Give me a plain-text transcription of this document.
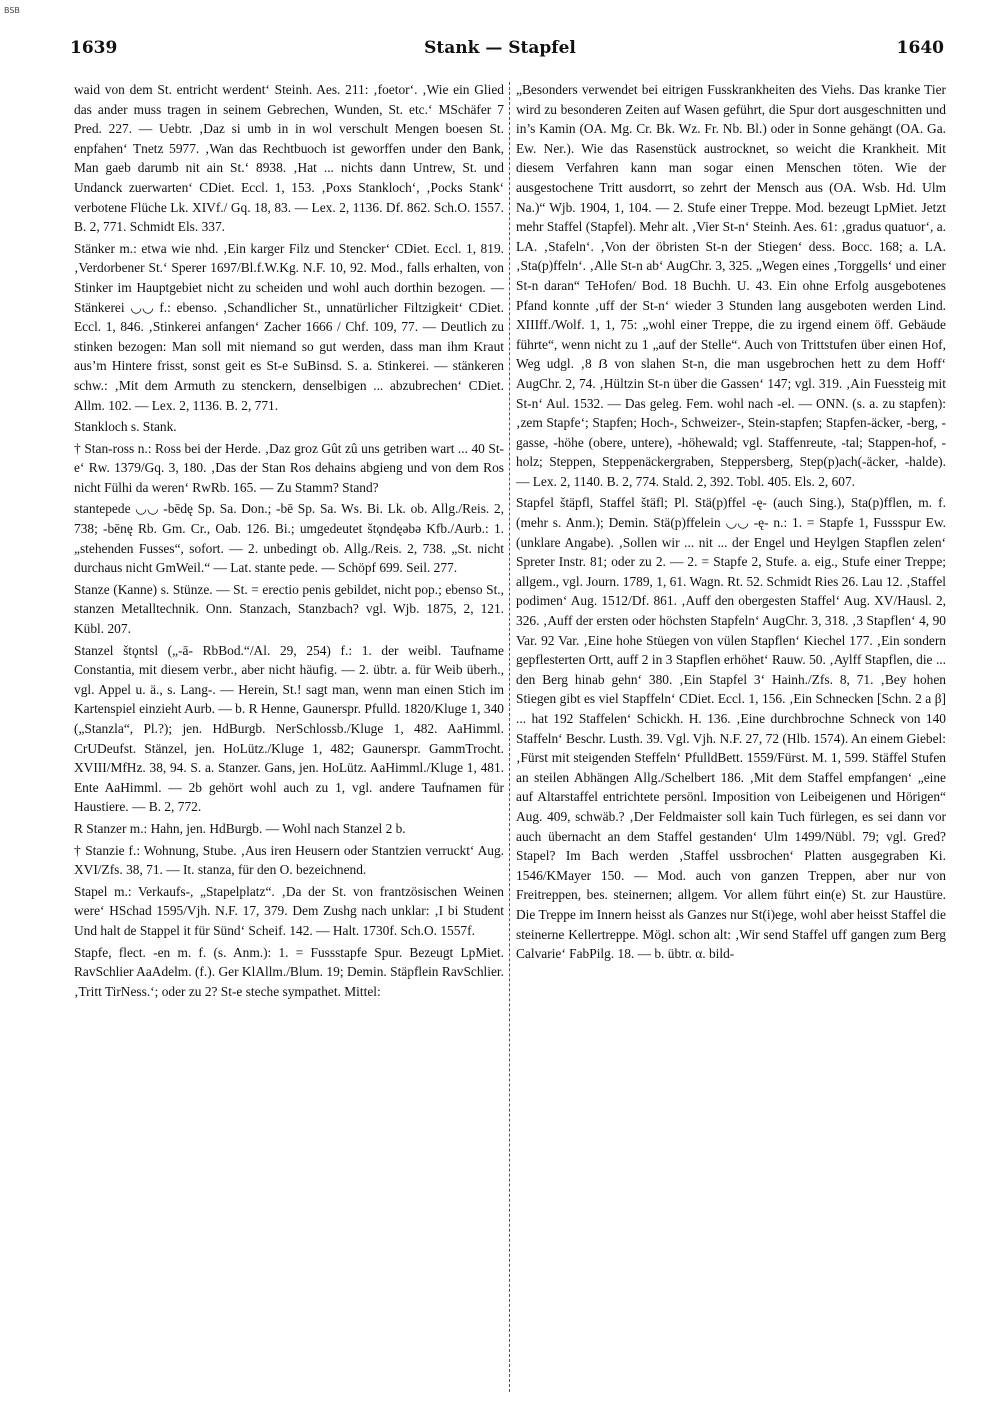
BSB
1639	Stank — Stapfel	1640

waid von dem St. entricht werdent‘ Steinh. Aes. 211: ‚foetor‘. ‚Wie ein Glied das ander muss tragen in seinem Gebrechen, Wunden, St. etc.‘ MSchäfer 7 Pred. 227. — Uebtr. ‚Daz si umb in in wol verschult Mengen boesen St. enpfahen‘ Tnetz 5977. ‚Wan das Rechtbuoch ist geworffen under den Bank, Man gaeb darumb nit ain St.‘ 8938. ‚Hat ... nichts dann Untrew, St. und Undanck zuerwarten‘ CDiet. Eccl. 1, 153. ‚Poxs Stankloch‘, ‚Pocks Stank‘ verbotene Flüche Lk. XIVf./ Gq. 18, 83. — Lex. 2, 1136. Df. 862. Sch.O. 1557. B. 2, 771. Schmidt Els. 337.

Stänker m.: etwa wie nhd. ‚Ein karger Filz und Stencker‘ CDiet. Eccl. 1, 819. ‚Verdorbener St.‘ Sperer 1697/Bl.f.W.Kg. N.F. 10, 92. Mod., falls erhalten, von Stinker im Hauptgebiet nicht zu scheiden und wohl auch dorthin bezogen. — Stänkerei ◡◡ f.: ebenso. ‚Schandlicher St., unnatürlicher Filtzigkeit‘ CDiet. Eccl. 1, 846. ‚Stinkerei anfangen‘ Zacher 1666 / Chf. 109, 77. — Deutlich zu stinken bezogen: Man soll mit niemand so gut werden, dass man ihm Kraut aus’m Hintere frisst, sonst geit es St-e SuBinsd. S. a. Stinkerei. — stänkeren schw.: ‚Mit dem Armuth zu stenckern, denselbigen ... abzubrechen‘ CDiet. Allm. 102. — Lex. 2, 1136. B. 2, 771.

Stankloch s. Stank.

† Stan-ross n.: Ross bei der Herde. ‚Daz groz Gût zû uns getriben wart ... 40 St-e‘ Rw. 1379/Gq. 3, 180. ‚Das der Stan Ros dehains abgieng und von dem Ros nicht Fülhi da weren‘ RwRb. 165. — Zu Stamm? Stand?

stantepede ◡◡ -bēdę Sp. Sa. Don.; -bē Sp. Sa. Ws. Bi. Lk. ob. Allg./Reis. 2, 738; -bēnę Rb. Gm. Cr., Oab. 126. Bi.; umgedeutet štǫndęǝbǝ Kfb./Aurb.: 1. „stehenden Fusses“, sofort. — 2. unbedingt ob. Allg./Reis. 2, 738. „St. nicht durchaus nicht GmWeil.“ — Lat. stante pede. — Schöpf 699. Seil. 277.

Stanze (Kanne) s. Stünze. — St. = erectio penis gebildet, nicht pop.; ebenso St., stanzen Metalltechnik. Onn. Stanzach, Stanzbach? vgl. Wjb. 1875, 2, 121. Kübl. 207.

Stanzel štǫntsl („-ā- RbBod.“/Al. 29, 254) f.: 1. der weibl. Taufname Constantia, mit diesem verbr., aber nicht häufig. — 2. übtr. a. für Weib überh., vgl. Appel u. ä., s. Lang-. — Herein, St.! sagt man, wenn man einen Stich im Kartenspiel einzieht Aurb. — b. R Henne, Gaunerspr. Pfulld. 1820/Kluge 1, 340 („Stanzla“, Pl.?); jen. HdBurgb. NerSchlossb./Kluge 1, 482. AaHimml. CrUDeufst. Stänzel, jen. HoLütz./Kluge 1, 482; Gaunerspr. GammTrocht. XVIII/MfHz. 38, 94. S. a. Stanzer. Gans, jen. HoLütz. AaHimml./Kluge 1, 481. Ente AaHimml. — 2b gehört wohl auch zu 1, vgl. andere Taufnamen für Haustiere. — B. 2, 772.

R Stanzer m.: Hahn, jen. HdBurgb. — Wohl nach Stanzel 2 b.

† Stanzie f.: Wohnung, Stube. ‚Aus iren Heusern oder Stantzien verruckt‘ Aug. XVI/Zfs. 38, 71. — It. stanza, für den O. bezeichnend.

Stapel m.: Verkaufs-, „Stapelplatz“. ‚Da der St. von frantzösischen Weinen were‘ HSchad 1595/Vjh. N.F. 17, 379. Dem Zushg nach unklar: ‚I bi Student Und halt de Stappel it für Sünd‘ Scheif. 142. — Halt. 1730f. Sch.O. 1557f.

Stapfe, flect. -en m. f. (s. Anm.): 1. = Fussstapfe Spur. Bezeugt LpMiet. RavSchlier AaAdelm. (f.). Ger KlAllm./Blum. 19; Demin. Stäpflein RavSchlier. ‚Tritt TirNess.‘; oder zu 2? St-e steche sympathet. Mittel:

„Besonders verwendet bei eitrigen Fusskrankheiten des Viehs. Das kranke Tier wird zu besonderen Zeiten auf Wasen geführt, die Spur dort ausgeschnitten und in’s Kamin (OA. Mg. Cr. Bk. Wz. Fr. Nb. Bl.) oder in Sonne gehängt (OA. Ga. Ew. Ner.). Wie das Rasenstück austrocknet, so weicht die Krankheit. Mit diesem Verfahren kann man sogar einen Menschen töten. Wie der ausgestochene Tritt ausdorrt, so zehrt der Mensch aus (OA. Wsb. Hd. Ulm Na.)“ Wjb. 1904, 1, 104. — 2. Stufe einer Treppe. Mod. bezeugt LpMiet. Jetzt mehr Staffel (Stapfel). Mehr alt. ‚Vier St-n‘ Steinh. Aes. 61: ‚gradus quatuor‘, a. LA. ‚Stafeln‘. ‚Von der öbristen St-n der Stiegen‘ dess. Bocc. 168; a. LA. ‚Sta(p)ffeln‘. ‚Alle St-n ab‘ AugChr. 3, 325. „Wegen eines ‚Torggells‘ und einer St-n daran“ TeHofen/ Bod. 18 Buchh. U. 43. Ein ohne Erfolg ausgebotenes Pfand konnte ‚uff der St-n‘ wieder 3 Stunden lang ausgeboten werden Lind. XIIIff./Wolf. 1, 1, 75: „wohl einer Treppe, die zu irgend einem öff. Gebäude führte“, wenn nicht zu 1 „auf der Stelle“. Auch von Trittstufen über einen Hof, Weg udgl. ‚8 ẞ von slahen St-n, die man usgebrochen hett zu dem Hoff‘ AugChr. 2, 74. ‚Hültzin St-n über die Gassen‘ 147; vgl. 319. ‚Ain Fuessteig mit St-n‘ Aul. 1532. — Das geleg. Fem. wohl nach -el. — ONN. (s. a. zu stapfen): ‚zem Stapfe‘; Stapfen; Hoch-, Schweizer-, Stein-stapfen; Stapfen-äcker, -berg, -gasse, -höhe (obere, untere), -höhewald; vgl. Staffenreute, -tal; Stappen-hof, -holz; Steppen, Steppenäckergraben, Steppersberg, Step(p)ach(-äcker, -halde). — Lex. 2, 1140. B. 2, 774. Stald. 2, 392. Tobl. 405. Els. 2, 607.

Stapfel štäpfl, Staffel štäfl; Pl. Stä(p)ffel -ę- (auch Sing.), Sta(p)fflen, m. f. (mehr s. Anm.); Demin. Stä(p)ffelein ◡◡ -ę- n.: 1. = Stapfe 1, Fussspur Ew. (unklare Angabe). ‚Sollen wir ... nit ... der Engel und Heylgen Stapflen zelen‘ Spreter Instr. 81; oder zu 2. — 2. = Stapfe 2, Stufe. a. eig., Stufe einer Treppe; allgem., vgl. Journ. 1789, 1, 61. Wagn. Rt. 52. Schmidt Ries 26. Lau 12. ‚Staffel podimen‘ Aug. 1512/Df. 861. ‚Auff den obergesten Staffel‘ Aug. XV/Hausl. 2, 326. ‚Auff der ersten oder höchsten Stapfeln‘ AugChr. 3, 318. ‚3 Stapflen‘ 4, 90 Var. 92 Var. ‚Eine hohe Stüegen von vülen Stapflen‘ Kiechel 177. ‚Ein sondern gepflesterten Ortt, auff 2 in 3 Stapflen erhöhet‘ Rauw. 50. ‚Aylff Stapflen, die ... den Berg hinab gehn‘ 380. ‚Ein Stapfel 3‘ Hainh./Zfs. 8, 71. ‚Bey hohen Stiegen gibt es viel Stapffeln‘ CDiet. Eccl. 1, 156. ‚Ein Schnecken [Schn. 2 a β] ... hat 192 Staffelen‘ Schickh. H. 136. ‚Eine durchbrochne Schneck von 140 Staffeln‘ Beschr. Lusth. 39. Vgl. Vjh. N.F. 27, 72 (Hlb. 1574). An einem Giebel: ‚Fürst mit steigenden Steffeln‘ PfulldBett. 1559/Fürst. M. 1, 599. Stäffel Stufen an steilen Abhängen Allg./Schelbert 186. ‚Mit dem Staffel empfangen‘ „eine auf Altarstaffel entrichtete persönl. Imposition von Leibeigenen und Hörigen“ Aug. 409, schwäb.? ‚Der Feldmaister soll kain Tuch fürlegen, es sei dann vor auch übernacht an dem Staffel gestanden‘ Ulm 1499/Nübl. 79; vgl. Gred? Stapel? Im Bach werden ‚Staffel ussbrochen‘ Platten ausgegraben Ki. 1546/KMayer 150. — Mod. auch von ganzen Treppen, aber nur von Freitreppen, bes. steinernen; allgem. Vor allem führt ein(e) St. zur Haustüre. Die Treppe im Innern heisst als Ganzes nur St(i)ege, wohl aber heisst Staffel die steinerne Kellertreppe. Mögl. schon alt: ‚Wir send Staffel uff gangen zum Berg Calvarie‘ FabPilg. 18. — b. übtr. α. bild-
